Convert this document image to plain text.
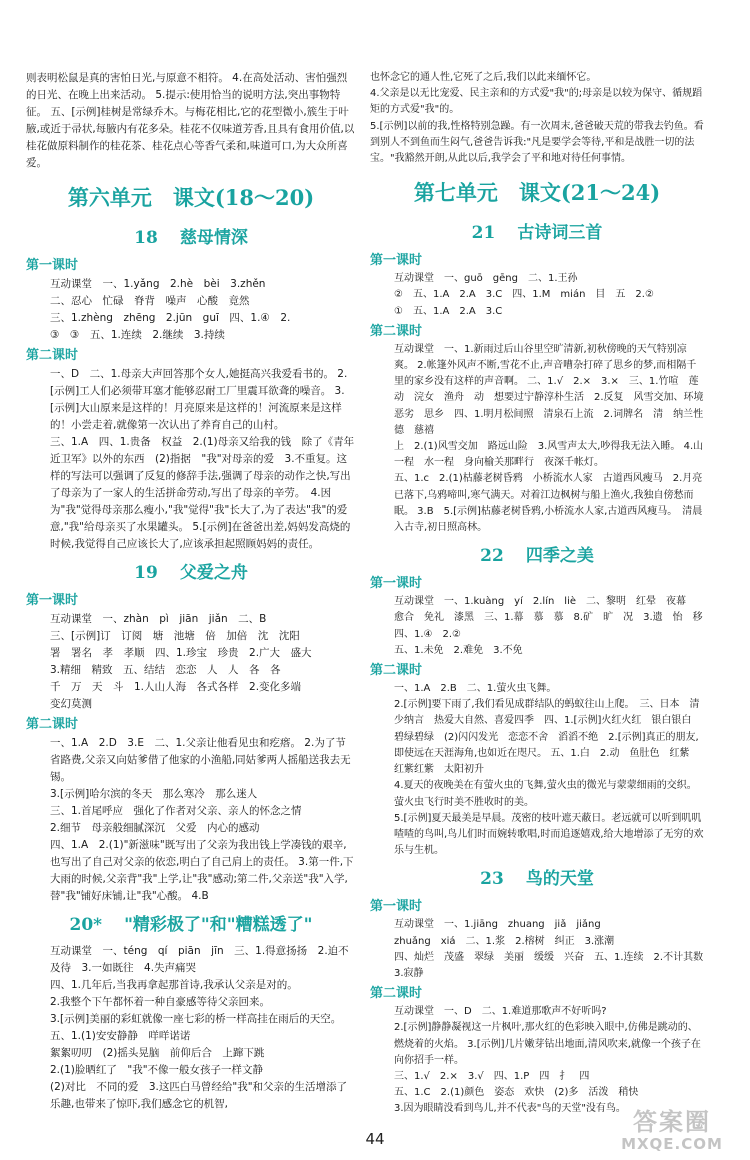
则表明松鼠是真的害怕日光,与原意不相符。 4.在高处活动、害怕强烈的日光、在晚上出来活动。 5.提示:使用恰当的说明方法,突出事物特征。 五、[示例]桂树是常绿乔木。与梅花相比,它的花型微小,簇生于叶腋,或近于帚状,每腋内有花多朵。桂花不仅味道芳香,且具有食用价值,以桂花做原料制作的桂花茶、桂花点心等香气柔和,味道可口,为大众所喜爱。

第六单元　课文(18～20)
18 慈母情深
第一课时

互动课堂　一、1.yǎng　2.hè　bèi　3.zhěn
二、忍心　忙碌　脊背　噪声　心酸　竟然
三、1.zhèng　zhēng　2.jūn　guī　四、1.④　2.
③　③　五、1.连续　2.继续　3.持续

第二课时

一、D　二、1.母亲大声回答那个女人,她挺高兴我爱看书的。 2.[示例]工人们必须带耳塞才能够忍耐工厂里震耳欲聋的噪音。 3.[示例]大山原来是这样的！月亮原来是这样的！河流原来是这样的！小尝走着,就像第一次认出了养育自己的山村。
三、1.A　四、1.贵备　权益　2.(1)母亲又给我的钱　除了《青年近卫军》以外的东西　(2)指据　"我"对母亲的爱　3.不重复。这样的写法可以强调了反复的修辞手法,强调了母亲的动作之快,写出了母亲为了一家人的生活拼命劳动,写出了母亲的辛劳。　4.因为"我"觉得母亲那么瘦小,"我"觉得"我"长大了,为了表达"我"的爱意,"我"给母亲买了水果罐头。 5.[示例]在爸爸出差,妈妈发高烧的时候,我觉得自己应该长大了,应该承担起照顾妈妈的责任。

19 父爱之舟
第一课时

互动课堂　一、zhàn　pì　jiān　jiǎn　二、B
三、[示例]订　订阅　塘　池塘　倍　加倍　沈　沈阳
署　署名　孝　孝顺　四、1.珍宝　珍贵　2.广大　盛大
3.精细　精致　五、结结　恋恋　人　人　各　各
千　万　天　斗　1.人山人海　各式各样　2.变化多端
变幻莫测

第二课时

一、1.A　2.D　3.E　二、1.父亲让他看见虫和疙瘩。 2.为了节省路费,父亲又向姑爹借了他家的小渔船,同姑爹两人摇船送我去无锡。
3.[示例]哈尔滨的冬天　那么寒冷　那么迷人
三、1.首尾呼应　强化了作者对父亲、亲人的怀念之情
2.细节　母亲般细腻深沉　父爱　内心的感动
四、1.A　2.(1)"新滋味"既写出了父亲为我出钱上学凑钱的艰辛,也写出了自己对父亲的依恋,明白了自己肩上的责任。 3.第一件,下大雨的时候,父亲背"我"上学,让"我"感动;第二件,父亲送"我"入学,替"我"铺好床铺,让"我"心酸。 4.B

20* "精彩极了"和"糟糕透了"

互动课堂　一、téng　qí　piān　jīn　三、1.得意扬扬　2.迫不及待　3.一如既往　4.失声痛哭
四、1.几年后,当我再拿起那首诗,我承认父亲是对的。
2.我整个下午都怀着一种自豪感等待父亲回来。
3.[示例]美丽的彩虹就像一座七彩的桥一样高挂在雨后的天空。 五、1.(1)安安静静　咩咩诺诺
絮絮叨叨　(2)摇头晃脑　前仰后合　上蹿下跳
2.(1)脸晒红了　"我"不像一般女孩子一样文静
(2)对比　不同的爱　3.这匹白马曾经给"我"和父亲的生活增添了乐趣,也带来了惊吓,我们感念它的机智,

也怀念它的通人性,它死了之后,我们以此来缅怀它。
4.父亲是以无比宠爱、民主亲和的方式爱"我"的;母亲是以较为保守、循规蹈矩的方式爱"我"的。
5.[示例]以前的我,性格特别急躁。有一次周末,爸爸破天荒的带我去钓鱼。看到别人不到鱼而生闷气,爸爸告诉我:"凡是要学会等待,平和是战胜一切的法宝。"我豁然开朗,从此以后,我学会了平和地对待任何事情。

第七单元　课文(21～24)
21 古诗词三首
第一课时

互动课堂　一、guō　gēng　二、1.王孙
②　五、1.A　2.A　3.C　四、1.M　mián　目　五　2.②
①　五、1.A　2.A　3.C

第二课时

互动课堂　一、1.新雨过后山谷里空旷清新,初秋傍晚的天气特别凉爽。 2.帐篷外风声不断,雪花不止,声音嘈杂打碎了思乡的梦,而相隔千里的家乡没有这样的声音啊。 二、1.√　2.×　3.×　三、1.竹喧　莲动　浣女　渔舟　动　想要过宁静淳朴生活　2.反复　风雪交加、环境恶劣　思乡　四、1.明月松间照　清泉石上流　2.词牌名　清　纳兰性德　慈禧
上　2.(1)风雪交加　路远山险　3.风雪声太大,吵得我无法入睡。 4.山一程　水一程　身向榆关那畔行　夜深千帐灯。
五、1.c　2.(1)枯藤老树昏鸦　小桥流水人家　古道西风瘦马　2.月亮已落下,乌鸦啼叫,寒气满天。对着江边枫树与船上渔火,我独自傍愁而眠。 3.B　5.[示例]枯藤老树昏鸦,小桥流水人家,古道西风瘦马。　清晨入古寺,初日照高林。

22 四季之美
第一课时

互动课堂　一、1.kuàng　yí　2.lín　liè　二、黎明　红晕　夜幕　愈合　免礼　漆黑　三、1.幕　慕　慕　8.矿　旷　况　3.遗　怡　移　四、1.④　2.②
五、1.未免　2.难免　3.不免

第二课时

一、1.A　2.B　二、1.萤火虫飞舞。
2.[示例]要下雨了,我们看见成群结队的蚂蚁往山上爬。　三、日本　清少纳言　热爱大自然、喜爱四季　四、1.[示例]火红火红　银白银白　碧绿碧绿　(2)闪闪发光　恋恋不舍　滔滔不绝　2.[示例]真正的朋友,即使远在天涯海角,也如近在咫尺。 五、1.白　2.动　鱼肚色　红紫　红紫红紫　太阳初升
4.夏天的夜晚美在有萤火虫的飞舞,萤火虫的微光与蒙蒙细雨的交织。萤火虫飞行时美不胜收时的美。
5.[示例]夏天最美是早晨。茂密的枝叶遮天蔽日。老远就可以听到叽叽喳喳的鸟叫,鸟儿们时而婉转歌唱,时而追逐嬉戏,给大地增添了无穷的欢乐与生机。

23 鸟的天堂
第一课时

互动课堂　一、1.jiāng　zhuang　jiǎ　jiǎng
zhuǎng　xiá　二、1.浆　2.榕树　纠正　3.涨潮
四、灿烂　茂盛　翠绿　美丽　缓缓　兴奋　五、1.连续　2.不计其数　3.寂静

第二课时

互动课堂　一、D　二、1.难道那歌声不好听吗?
2.[示例]静静凝视这一片枫叶,那火红的色彩映入眼中,仿佛是跳动的、燃烧着的火焰。 3.[示例]几片嫩芽钻出地面,清风吹来,就像一个孩子在向你招手一样。
三、1.√　2.×　3.√　四、1.P　四　扌　四
五、1.C　2.(1)颜色　姿态　欢快　(2)多　活泼　稍快
3.因为眼睛没看到鸟儿,并不代表"鸟的天堂"没有鸟。

44
答案圈
MXQE.COM
